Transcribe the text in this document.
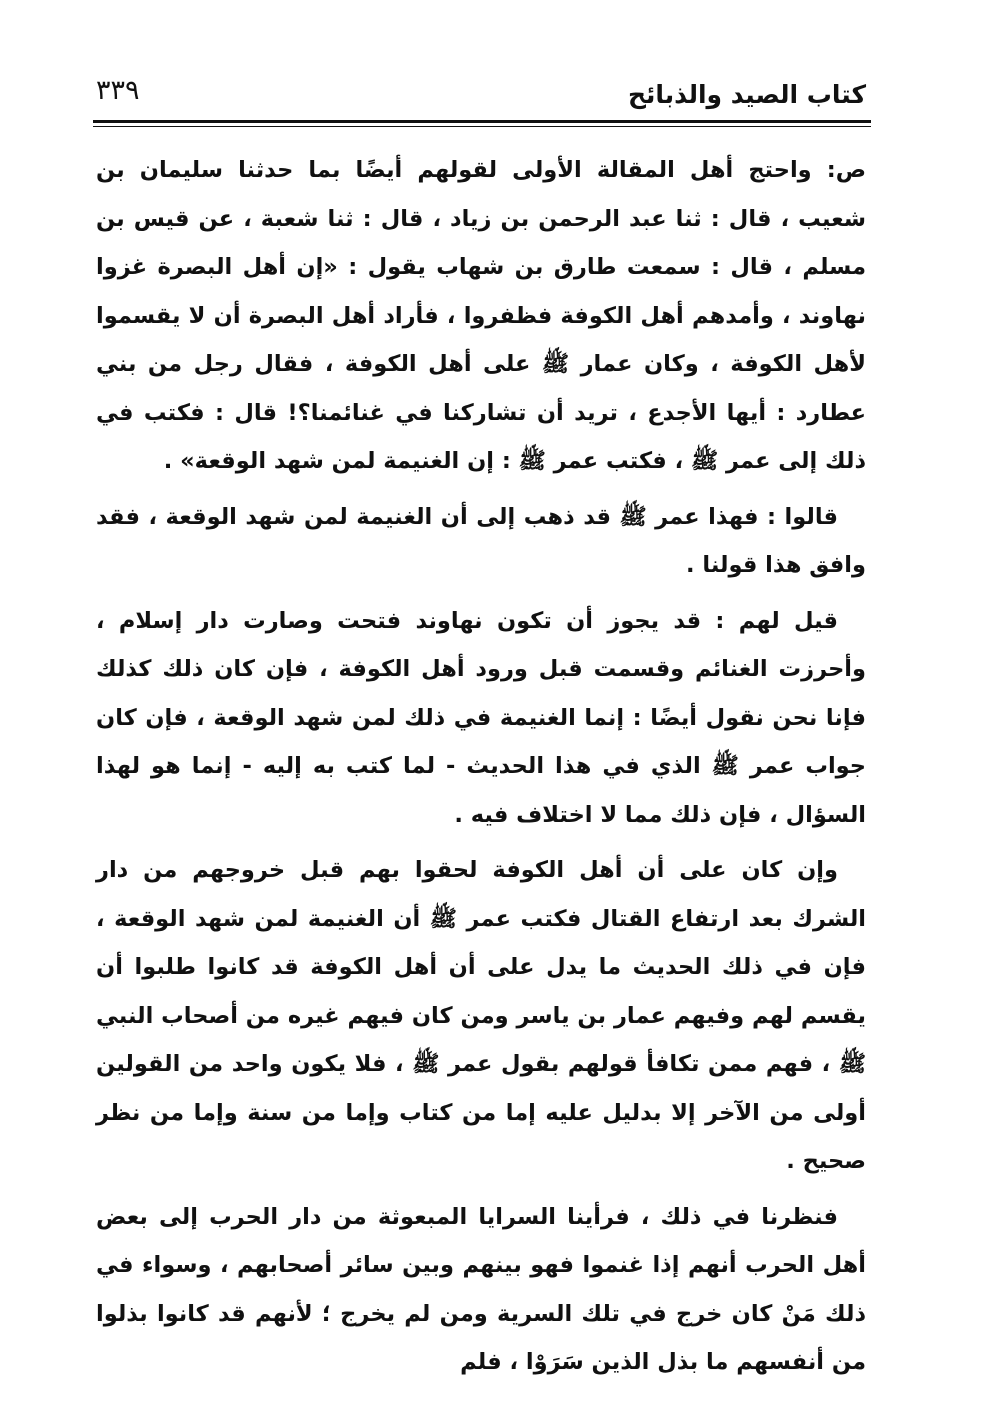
كتاب الصيد والذبائح
٣٣٩

ص: واحتج أهل المقالة الأولى لقولهم أيضًا بما حدثنا سليمان بن شعيب ، قال : ثنا عبد الرحمن بن زياد ، قال : ثنا شعبة ، عن قيس بن مسلم ، قال : سمعت طارق بن شهاب يقول : «إن أهل البصرة غزوا نهاوند ، وأمدهم أهل الكوفة فظفروا ، فأراد أهل البصرة أن لا يقسموا لأهل الكوفة ، وكان عمار ﷺ على أهل الكوفة ، فقال رجل من بني عطارد : أيها الأجدع ، تريد أن تشاركنا في غنائمنا؟! قال : فكتب في ذلك إلى عمر ﷺ ، فكتب عمر ﷺ : إن الغنيمة لمن شهد الوقعة» .

قالوا : فهذا عمر ﷺ قد ذهب إلى أن الغنيمة لمن شهد الوقعة ، فقد وافق هذا قولنا .

قيل لهم : قد يجوز أن تكون نهاوند فتحت وصارت دار إسلام ، وأحرزت الغنائم وقسمت قبل ورود أهل الكوفة ، فإن كان ذلك كذلك فإنا نحن نقول أيضًا : إنما الغنيمة في ذلك لمن شهد الوقعة ، فإن كان جواب عمر ﷺ الذي في هذا الحديث - لما كتب به إليه - إنما هو لهذا السؤال ، فإن ذلك مما لا اختلاف فيه .

وإن كان على أن أهل الكوفة لحقوا بهم قبل خروجهم من دار الشرك بعد ارتفاع القتال فكتب عمر ﷺ أن الغنيمة لمن شهد الوقعة ، فإن في ذلك الحديث ما يدل على أن أهل الكوفة قد كانوا طلبوا أن يقسم لهم وفيهم عمار بن ياسر ومن كان فيهم غيره من أصحاب النبي ﷺ ، فهم ممن تكافأ قولهم بقول عمر ﷺ ، فلا يكون واحد من القولين أولى من الآخر إلا بدليل عليه إما من كتاب وإما من سنة وإما من نظر صحيح .

فنظرنا في ذلك ، فرأينا السرايا المبعوثة من دار الحرب إلى بعض أهل الحرب أنهم إذا غنموا فهو بينهم وبين سائر أصحابهم ، وسواء في ذلك مَنْ كان خرج في تلك السرية ومن لم يخرج ؛ لأنهم قد كانوا بذلوا من أنفسهم ما بذل الذين سَرَوْا ، فلم
